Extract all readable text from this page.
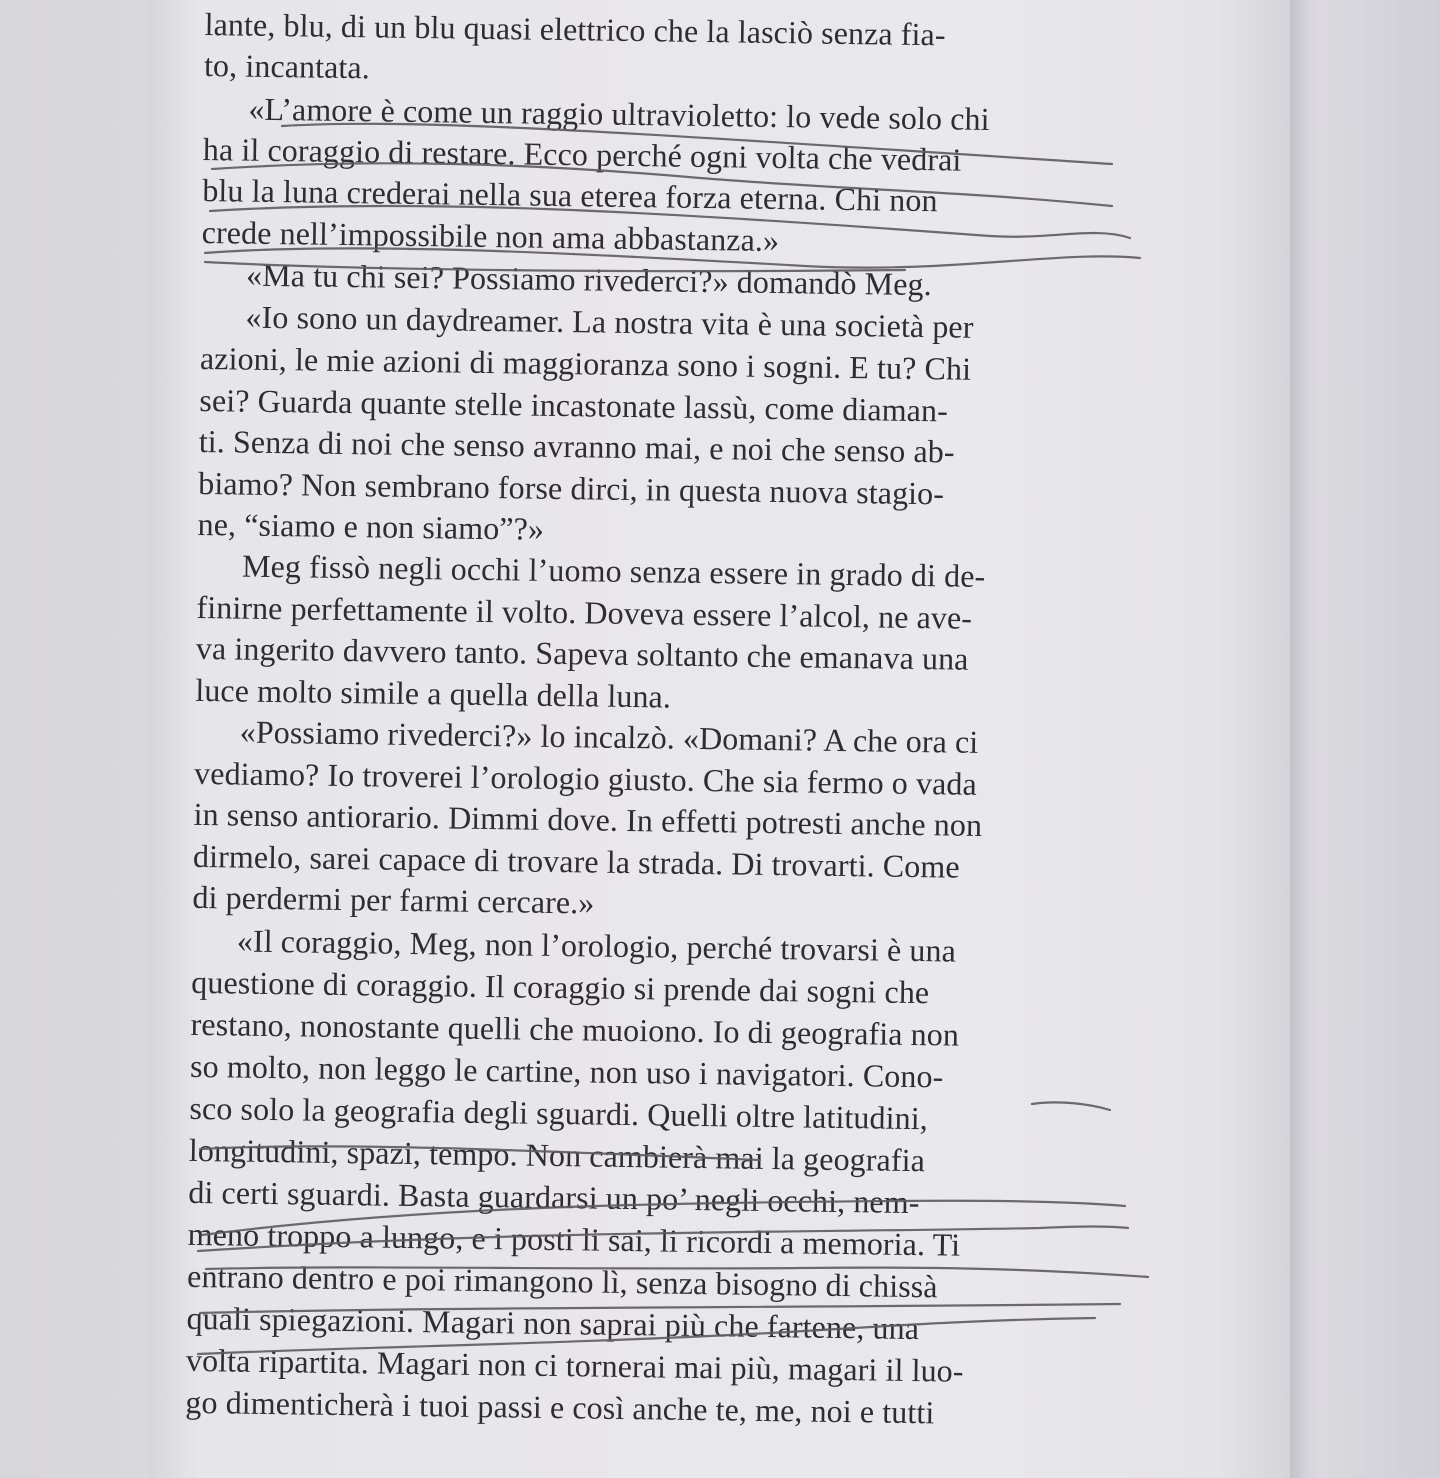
lante, blu, di un blu quasi elettrico che la lasciò senza fia-
to, incantata.
«L’amore è come un raggio ultravioletto: lo vede solo chi
ha il coraggio di restare. Ecco perché ogni volta che vedrai
blu la luna crederai nella sua eterea forza eterna. Chi non
crede nell’impossibile non ama abbastanza.»
«Ma tu chi sei? Possiamo rivederci?» domandò Meg.
«Io sono un daydreamer. La nostra vita è una società per
azioni, le mie azioni di maggioranza sono i sogni. E tu? Chi
sei? Guarda quante stelle incastonate lassù, come diaman-
ti. Senza di noi che senso avranno mai, e noi che senso ab-
biamo? Non sembrano forse dirci, in questa nuova stagio-
ne, “siamo e non siamo”?»
Meg fissò negli occhi l’uomo senza essere in grado di de-
finirne perfettamente il volto. Doveva essere l’alcol, ne ave-
va ingerito davvero tanto. Sapeva soltanto che emanava una
luce molto simile a quella della luna.
«Possiamo rivederci?» lo incalzò. «Domani? A che ora ci
vediamo? Io troverei l’orologio giusto. Che sia fermo o vada
in senso antiorario. Dimmi dove. In effetti potresti anche non
dirmelo, sarei capace di trovare la strada. Di trovarti. Come
di perdermi per farmi cercare.»
«Il coraggio, Meg, non l’orologio, perché trovarsi è una
questione di coraggio. Il coraggio si prende dai sogni che
restano, nonostante quelli che muoiono. Io di geografia non
so molto, non leggo le cartine, non uso i navigatori. Cono-
sco solo la geografia degli sguardi. Quelli oltre latitudini,
longitudini, spazi, tempo. Non cambierà mai la geografia
di certi sguardi. Basta guardarsi un po’ negli occhi, nem-
meno troppo a lungo, e i posti li sai, li ricordi a memoria. Ti
entrano dentro e poi rimangono lì, senza bisogno di chissà
quali spiegazioni. Magari non saprai più che fartene, una
volta ripartita. Magari non ci tornerai mai più, magari il luo-
go dimenticherà i tuoi passi e così anche te, me, noi e tutti
